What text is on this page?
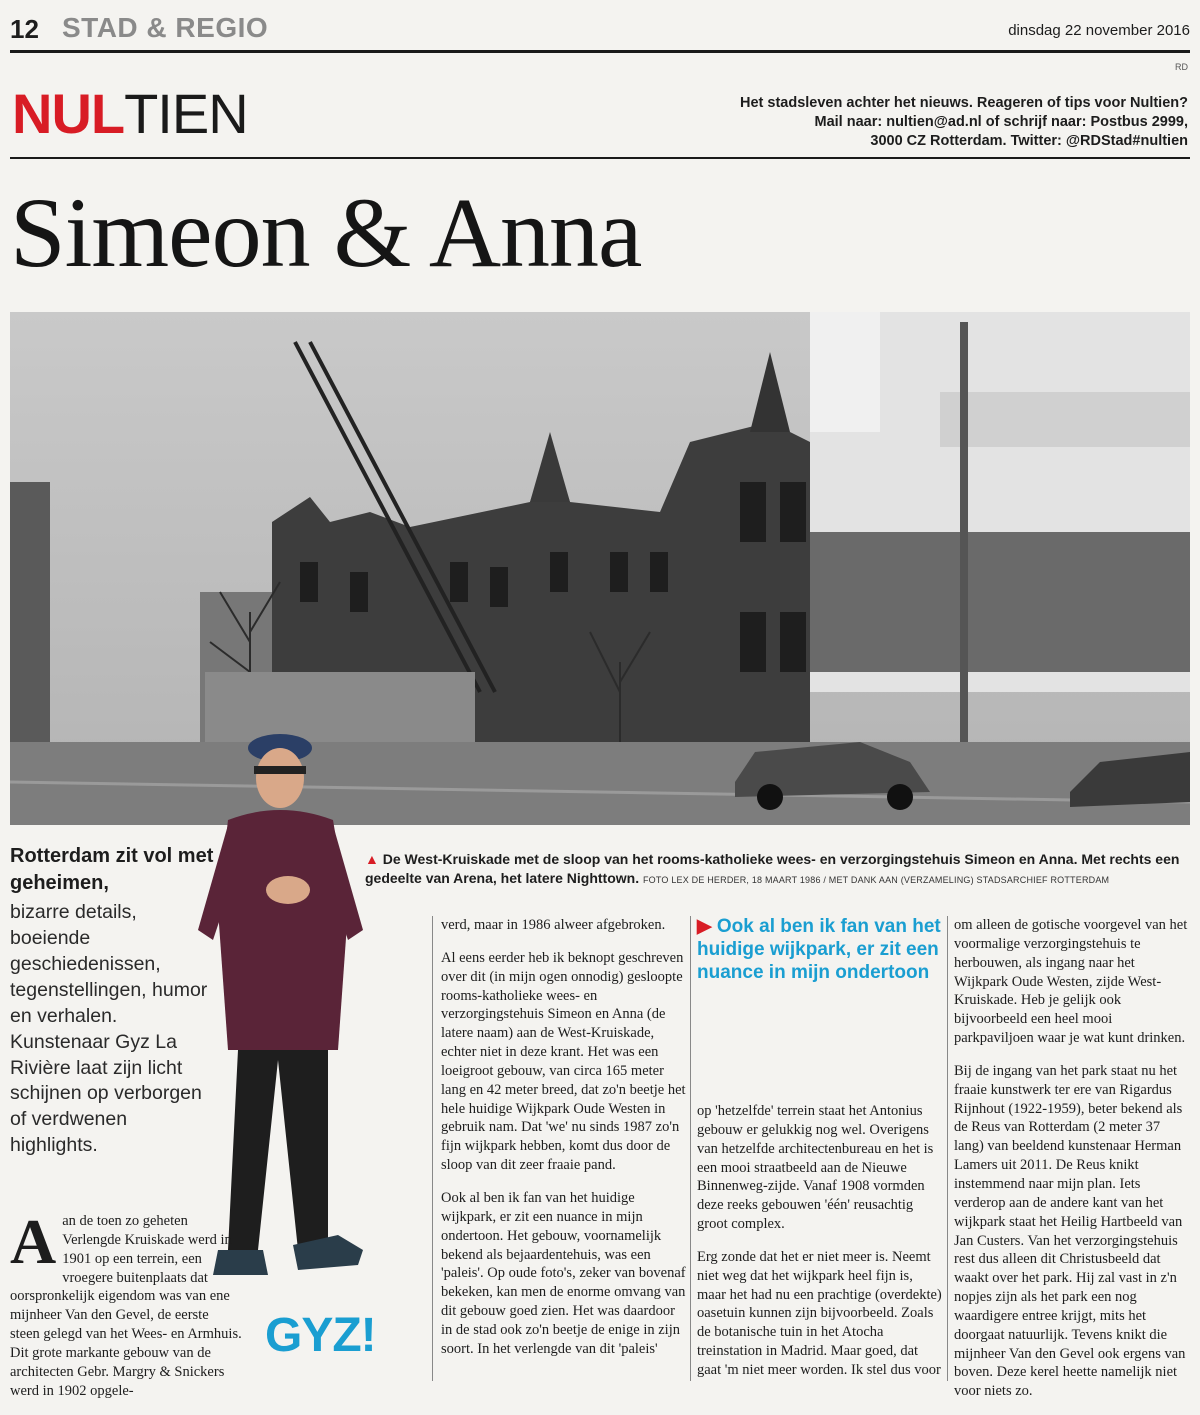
12 STAD & REGIO	dinsdag 22 november 2016
RD
NULTIEN	Het stadsleven achter het nieuws. Reageren of tips voor Nultien?
Mail naar: nultien@ad.nl of schrijf naar: Postbus 2999,
3000 CZ Rotterdam. Twitter: @RDStad#nultien
Simeon & Anna
Rotterdam zit vol met geheimen,
bizarre details, boeiende geschiedenissen, tegenstellingen, humor en verhalen. Kunstenaar Gyz La Rivière laat zijn licht schijnen op verborgen of verdwenen highlights.
▲ De West-Kruiskade met de sloop van het rooms-katholieke wees- en verzorgingstehuis Simeon en Anna. Met rechts een gedeelte van Arena, het latere Nighttown. FOTO LEX DE HERDER, 18 MAART 1986 / MET DANK AAN (VERZAMELING) STADSARCHIEF ROTTERDAM

Aan de toen zo geheten Verlengde Kruiskade werd in 1901 op een terrein, een vroegere buitenplaats dat oorspronkelijk eigendom was van ene mijnheer Van den Gevel, de eerste steen gelegd van het Wees- en Armhuis. Dit grote markante gebouw van de architecten Gebr. Margry & Snickers werd in 1902 opgele-

verd, maar in 1986 alweer afgebroken.

Al eens eerder heb ik beknopt geschreven over dit (in mijn ogen onnodig) gesloopte rooms-katholieke wees- en verzorgingstehuis Simeon en Anna (de latere naam) aan de West-Kruiskade, echter niet in deze krant. Het was een loeigroot gebouw, van circa 165 meter lang en 42 meter breed, dat zo'n beetje het hele huidige Wijkpark Oude Westen in gebruik nam. Dat 'we' nu sinds 1987 zo'n fijn wijkpark hebben, komt dus door de sloop van dit zeer fraaie pand.

Ook al ben ik fan van het huidige wijkpark, er zit een nuance in mijn ondertoon. Het gebouw, voornamelijk bekend als bejaardentehuis, was een 'paleis'. Op oude foto's, zeker van bovenaf bekeken, kan men de enorme omvang van dit gebouw goed zien. Het was daardoor in de stad ook zo'n beetje de enige in zijn soort. In het verlengde van dit 'paleis'

▶ Ook al ben ik fan van het huidige wijkpark, er zit een nuance in mijn ondertoon

op 'hetzelfde' terrein staat het Antonius gebouw er gelukkig nog wel. Overigens van hetzelfde architectenbureau en het is een mooi straatbeeld aan de Nieuwe Binnenweg-zijde. Vanaf 1908 vormden deze reeks gebouwen 'één' reusachtig groot complex.

Erg zonde dat het er niet meer is. Neemt niet weg dat het wijkpark heel fijn is, maar het had nu een prachtige (overdekte) oasetuin kunnen zijn bijvoorbeeld. Zoals de botanische tuin in het Atocha treinstation in Madrid. Maar goed, dat gaat 'm niet meer worden. Ik stel dus voor

om alleen de gotische voorgevel van het voormalige verzorgingstehuis te herbouwen, als ingang naar het Wijkpark Oude Westen, zijde West-Kruiskade. Heb je gelijk ook bijvoorbeeld een heel mooi parkpaviljoen waar je wat kunt drinken.

Bij de ingang van het park staat nu het fraaie kunstwerk ter ere van Rigardus Rijnhout (1922-1959), beter bekend als de Reus van Rotterdam (2 meter 37 lang) van beeldend kunstenaar Herman Lamers uit 2011. De Reus knikt instemmend naar mijn plan. Iets verderop aan de andere kant van het wijkpark staat het Heilig Hartbeeld van Jan Custers. Van het verzorgingstehuis rest dus alleen dit Christusbeeld dat waakt over het park. Hij zal vast in z'n nopjes zijn als het park een nog waardigere entree krijgt, mits het doorgaat natuurlijk. Tevens knikt die mijnheer Van den Gevel ook ergens van boven. Deze kerel heette namelijk niet voor niets zo.

GYZ!
